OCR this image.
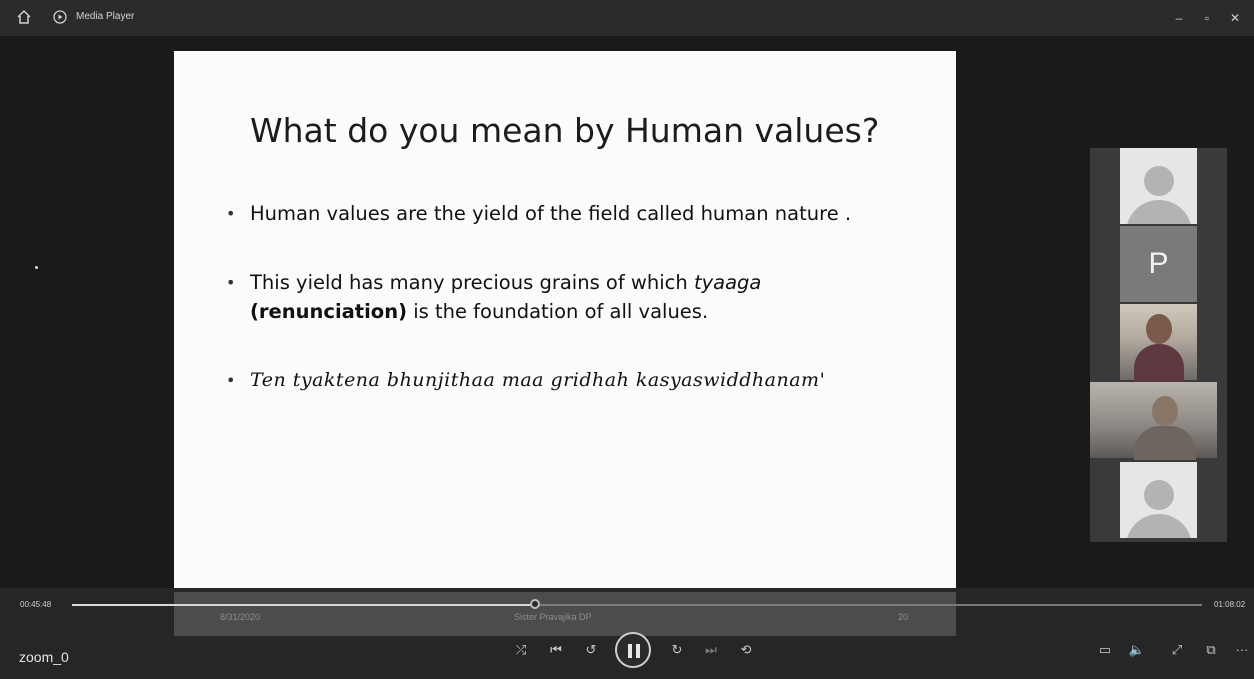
Media Player	–	▫	✕
What do you mean by Human values?
• Human values are the yield of the field called human nature .
• This yield has many precious grains of which tyaaga
(renunciation) is the foundation of all values.
• Ten tyaktena bhunjithaa maa gridhah kasyaswiddhanam'
P
8/31/2020	Sister Pravajika DP	20
00:45:48	01:08:02
zoom_0	⤮	⏮	↺	↻	⏭	⟲	▭	🔈	⤢	⧉	···
